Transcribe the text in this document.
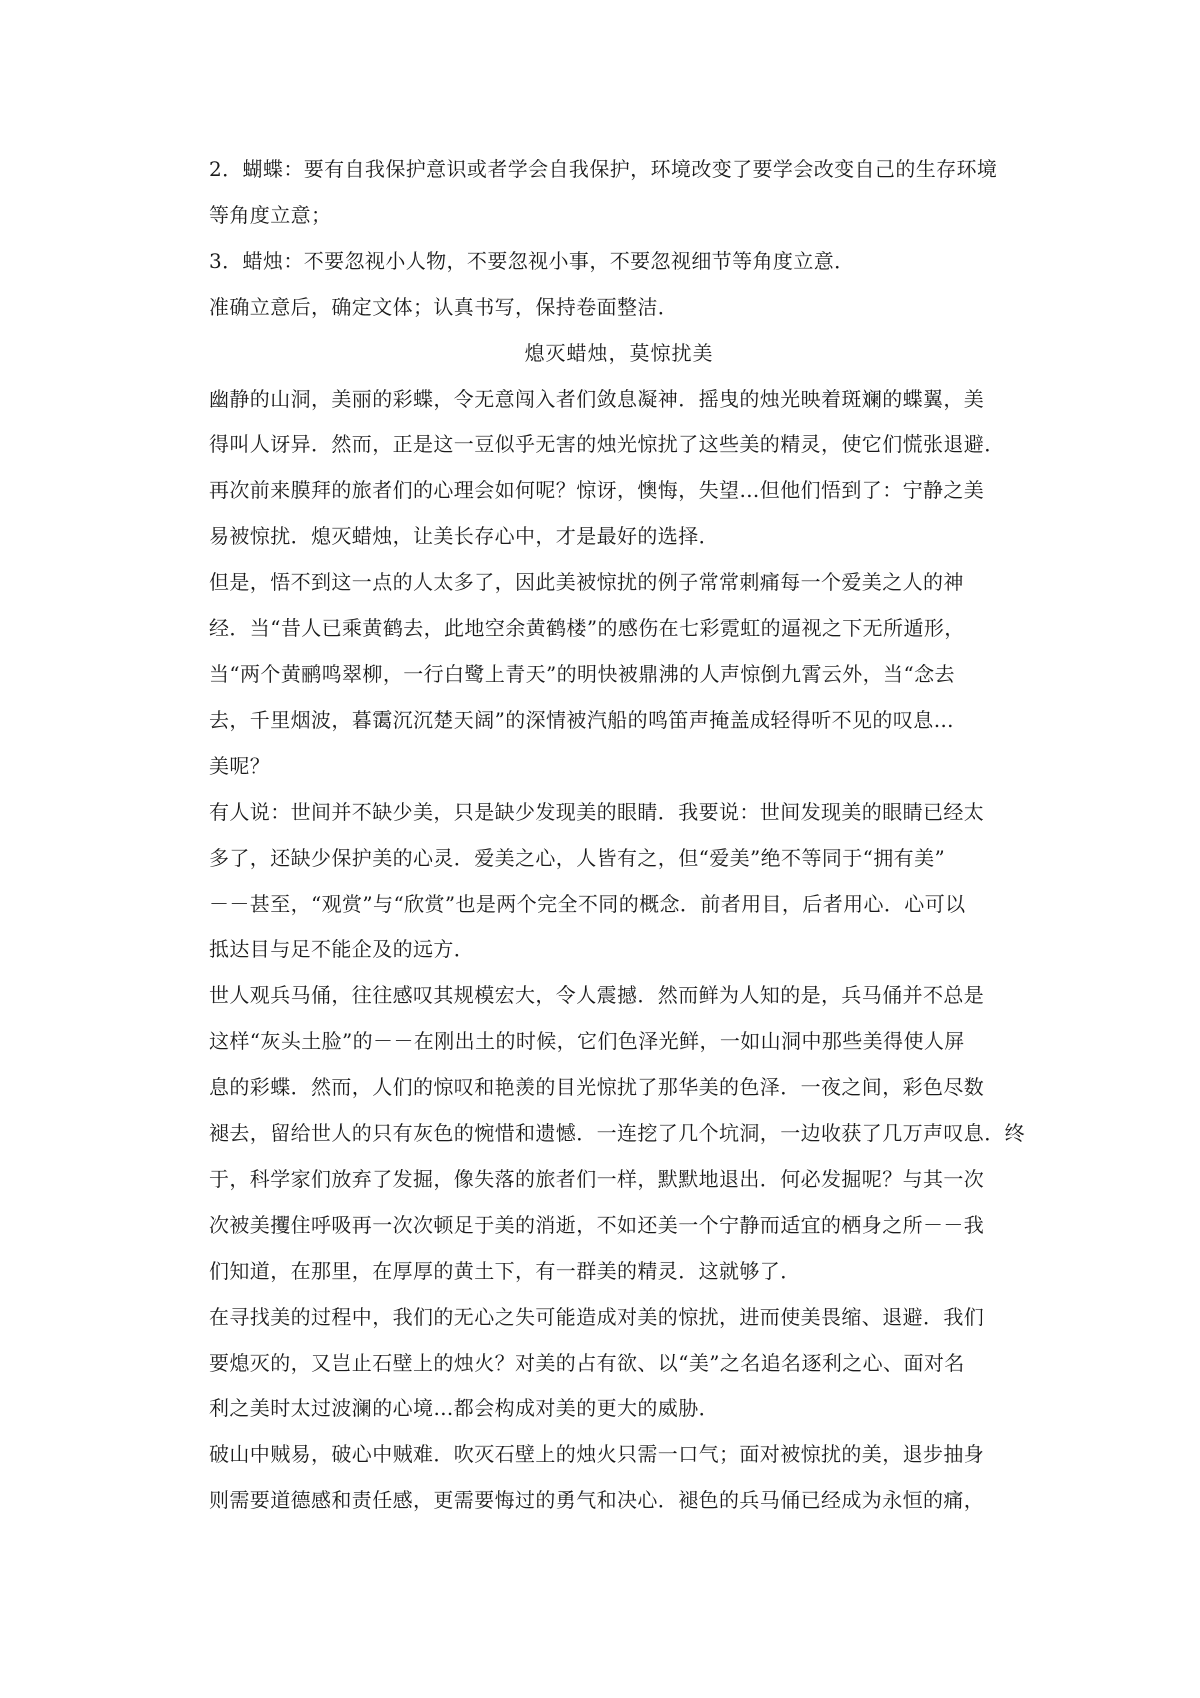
2．蝴蝶：要有自我保护意识或者学会自我保护，环境改变了要学会改变自己的生存环境
等角度立意；
3．蜡烛：不要忽视小人物，不要忽视小事，不要忽视细节等角度立意．
准确立意后，确定文体；认真书写，保持卷面整洁．
熄灭蜡烛，莫惊扰美
幽静的山洞，美丽的彩蝶，令无意闯入者们敛息凝神．摇曳的烛光映着斑斓的蝶翼，美
得叫人讶异．然而，正是这一豆似乎无害的烛光惊扰了这些美的精灵，使它们慌张退避．
再次前来膜拜的旅者们的心理会如何呢？惊讶，懊悔，失望…但他们悟到了：宁静之美
易被惊扰．熄灭蜡烛，让美长存心中，才是最好的选择．
但是，悟不到这一点的人太多了，因此美被惊扰的例子常常刺痛每一个爱美之人的神
经．当“昔人已乘黄鹤去，此地空余黄鹤楼”的感伤在七彩霓虹的逼视之下无所遁形，
当“两个黄鹂鸣翠柳，一行白鹭上青天”的明快被鼎沸的人声惊倒九霄云外，当“念去
去，千里烟波，暮霭沉沉楚天阔”的深情被汽船的鸣笛声掩盖成轻得听不见的叹息…
美呢？
有人说：世间并不缺少美，只是缺少发现美的眼睛．我要说：世间发现美的眼睛已经太
多了，还缺少保护美的心灵．爱美之心，人皆有之，但“爱美”绝不等同于“拥有美”
－－甚至，“观赏”与“欣赏”也是两个完全不同的概念．前者用目，后者用心．心可以
抵达目与足不能企及的远方．
世人观兵马俑，往往感叹其规模宏大，令人震撼．然而鲜为人知的是，兵马俑并不总是
这样“灰头土脸”的－－在刚出土的时候，它们色泽光鲜，一如山洞中那些美得使人屏
息的彩蝶．然而，人们的惊叹和艳羡的目光惊扰了那华美的色泽．一夜之间，彩色尽数
褪去，留给世人的只有灰色的惋惜和遗憾．一连挖了几个坑洞，一边收获了几万声叹息．终
于，科学家们放弃了发掘，像失落的旅者们一样，默默地退出．何必发掘呢？与其一次
次被美攫住呼吸再一次次顿足于美的消逝，不如还美一个宁静而适宜的栖身之所－－我
们知道，在那里，在厚厚的黄土下，有一群美的精灵．这就够了．
在寻找美的过程中，我们的无心之失可能造成对美的惊扰，进而使美畏缩、退避．我们
要熄灭的，又岂止石壁上的烛火？对美的占有欲、以“美”之名追名逐利之心、面对名
利之美时太过波澜的心境…都会构成对美的更大的威胁．
破山中贼易，破心中贼难．吹灭石壁上的烛火只需一口气；面对被惊扰的美，退步抽身
则需要道德感和责任感，更需要悔过的勇气和决心．褪色的兵马俑已经成为永恒的痛，
